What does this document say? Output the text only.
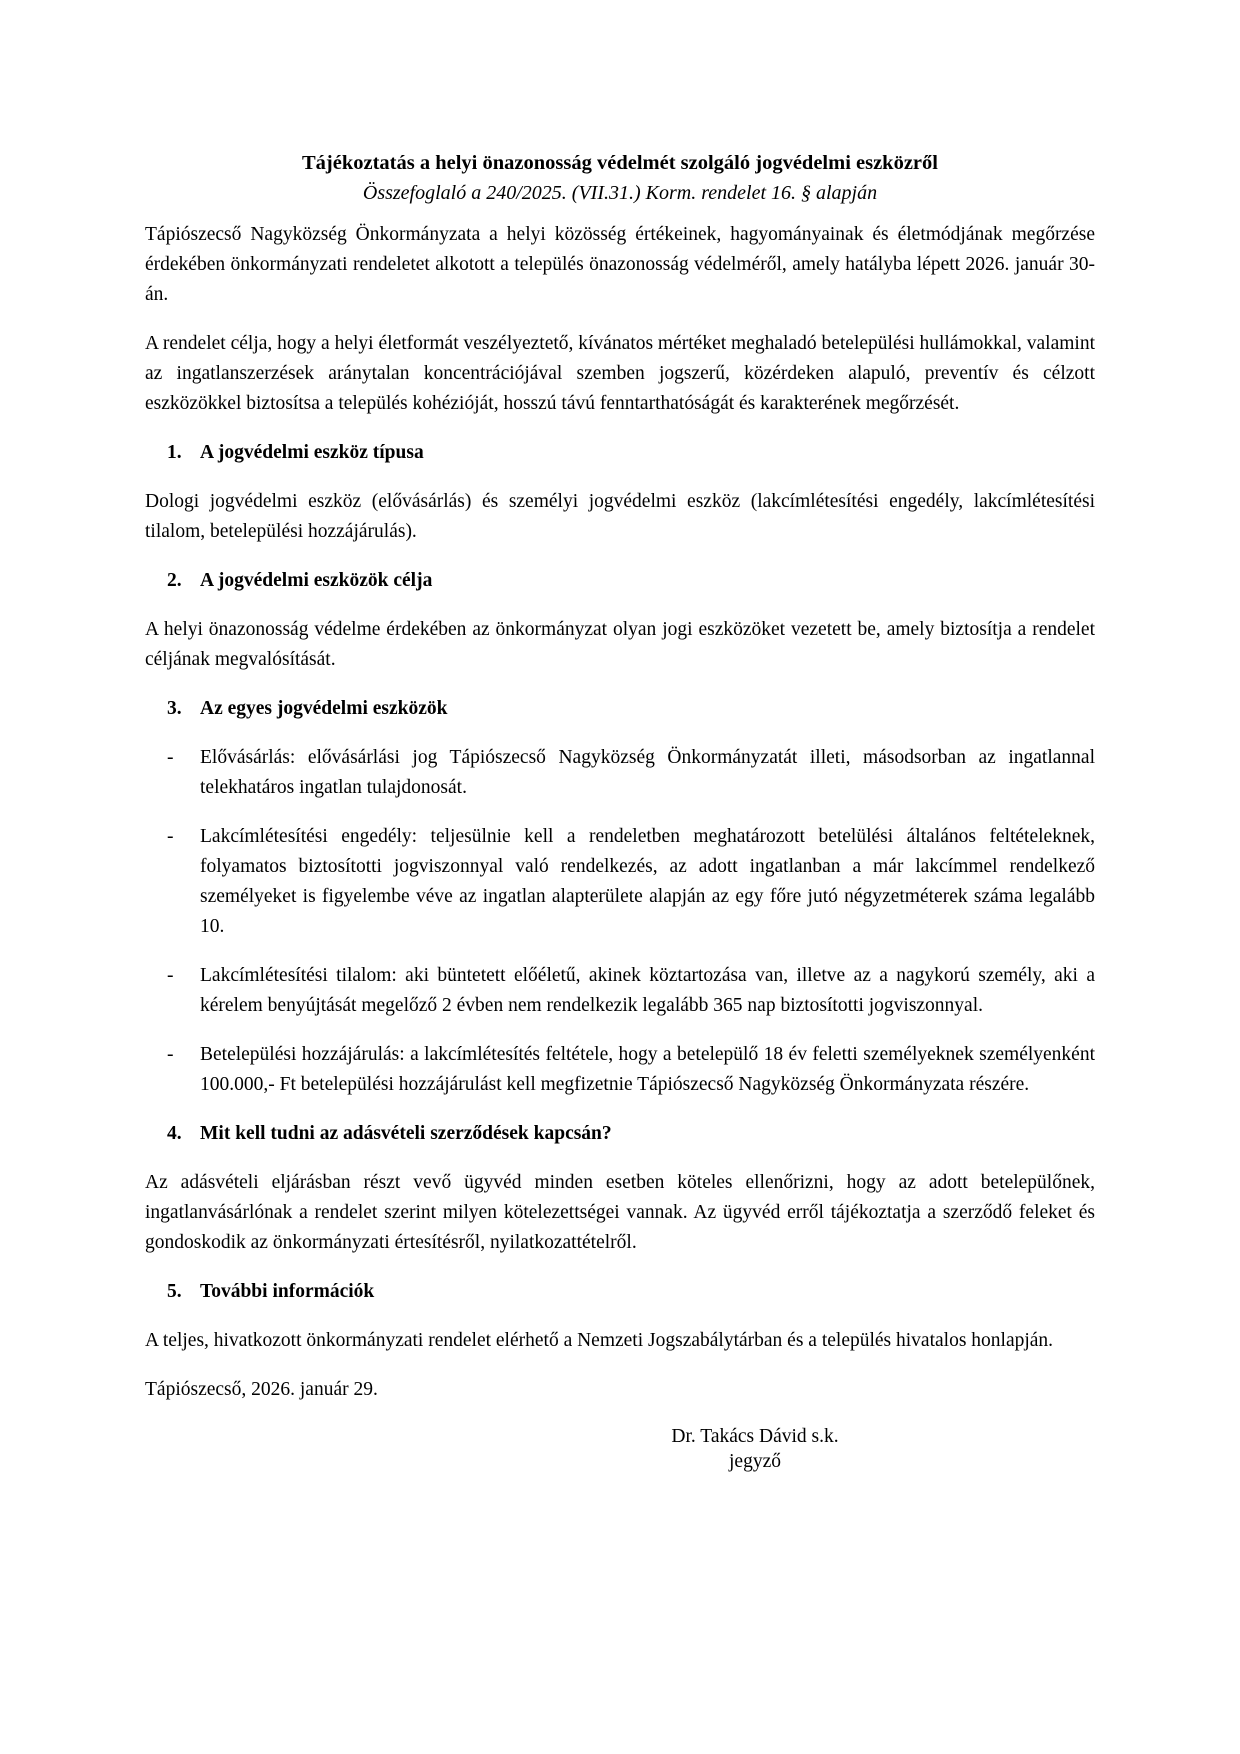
Tájékoztatás a helyi önazonosság védelmét szolgáló jogvédelmi eszközről
Összefoglaló a 240/2025. (VII.31.) Korm. rendelet 16. § alapján

Tápiószecső Nagyközség Önkormányzata a helyi közösség értékeinek, hagyományainak és életmódjának megőrzése érdekében önkormányzati rendeletet alkotott a település önazonosság védelméről, amely hatályba lépett 2026. január 30-án.

A rendelet célja, hogy a helyi életformát veszélyeztető, kívánatos mértéket meghaladó betelepülési hullámokkal, valamint az ingatlanszerzések aránytalan koncentrációjával szemben jogszerű, közérdeken alapuló, preventív és célzott eszközökkel biztosítsa a település kohézióját, hosszú távú fenntarthatóságát és karakterének megőrzését.

1. A jogvédelmi eszköz típusa

Dologi jogvédelmi eszköz (elővásárlás) és személyi jogvédelmi eszköz (lakcímlétesítési engedély, lakcímlétesítési tilalom, betelepülési hozzájárulás).

2. A jogvédelmi eszközök célja

A helyi önazonosság védelme érdekében az önkormányzat olyan jogi eszközöket vezetett be, amely biztosítja a rendelet céljának megvalósítását.

3. Az egyes jogvédelmi eszközök
-	Elővásárlás: elővásárlási jog Tápiószecső Nagyközség Önkormányzatát illeti, másodsorban az ingatlannal telekhatáros ingatlan tulajdonosát.
-	Lakcímlétesítési engedély: teljesülnie kell a rendeletben meghatározott betelülési általános feltételeknek, folyamatos biztosítotti jogviszonnyal való rendelkezés, az adott ingatlanban a már lakcímmel rendelkező személyeket is figyelembe véve az ingatlan alapterülete alapján az egy főre jutó négyzetméterek száma legalább 10.
-	Lakcímlétesítési tilalom: aki büntetett előéletű, akinek köztartozása van, illetve az a nagykorú személy, aki a kérelem benyújtását megelőző 2 évben nem rendelkezik legalább 365 nap biztosítotti jogviszonnyal.
-	Betelepülési hozzájárulás: a lakcímlétesítés feltétele, hogy a betelepülő 18 év feletti személyeknek személyenként 100.000,- Ft betelepülési hozzájárulást kell megfizetnie Tápiószecső Nagyközség Önkormányzata részére.
4. Mit kell tudni az adásvételi szerződések kapcsán?

Az adásvételi eljárásban részt vevő ügyvéd minden esetben köteles ellenőrizni, hogy az adott betelepülőnek, ingatlanvásárlónak a rendelet szerint milyen kötelezettségei vannak. Az ügyvéd erről tájékoztatja a szerződő feleket és gondoskodik az önkormányzati értesítésről, nyilatkozattételről.

5. További információk

A teljes, hivatkozott önkormányzati rendelet elérhető a Nemzeti Jogszabálytárban és a település hivatalos honlapján.

Tápiószecső, 2026. január 29.

Dr. Takács Dávid s.k.
jegyző
